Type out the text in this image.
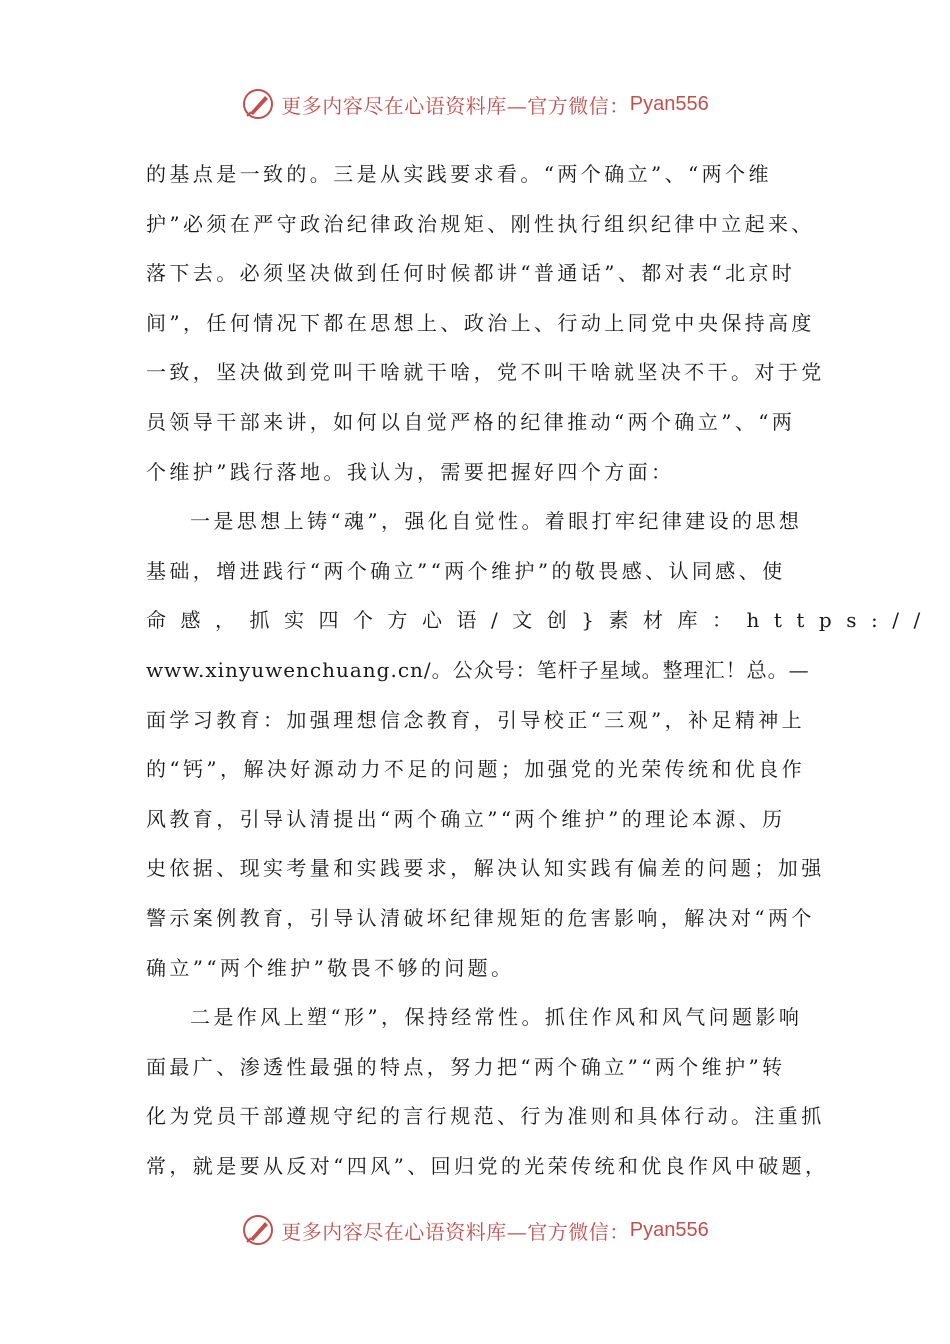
更多内容尽在心语资料库—官方微信： Pyan556
的基点是一致的。三是从实践要求看。“两个确立”、“两个维
护”必须在严守政治纪律政治规矩、刚性执行组织纪律中立起来、
落下去。必须坚决做到任何时候都讲“普通话”、都对表“北京时
间”，任何情况下都在思想上、政治上、行动上同党中央保持高度
一致，坚决做到党叫干啥就干啥，党不叫干啥就坚决不干。对于党
员领导干部来讲，如何以自觉严格的纪律推动“两个确立”、“两
个维护”践行落地。我认为，需要把握好四个方面：
一是思想上铸“魂”，强化自觉性。着眼打牢纪律建设的思想
基础，增进践行“两个确立”“两个维护”的敬畏感、认同感、使
命感，抓实四个方心语/文创}素材库：https://
www.xinyuwenchuang.cn/。公众号：笔杆子星域。整理汇！总。—
面学习教育：加强理想信念教育，引导校正“三观”，补足精神上
的“钙”，解决好源动力不足的问题；加强党的光荣传统和优良作
风教育，引导认清提出“两个确立”“两个维护”的理论本源、历
史依据、现实考量和实践要求，解决认知实践有偏差的问题；加强
警示案例教育，引导认清破坏纪律规矩的危害影响，解决对“两个
确立”“两个维护”敬畏不够的问题。
二是作风上塑“形”，保持经常性。抓住作风和风气问题影响
面最广、渗透性最强的特点，努力把“两个确立”“两个维护”转
化为党员干部遵规守纪的言行规范、行为准则和具体行动。注重抓
常，就是要从反对“四风”、回归党的光荣传统和优良作风中破题，
更多内容尽在心语资料库—官方微信： Pyan556
